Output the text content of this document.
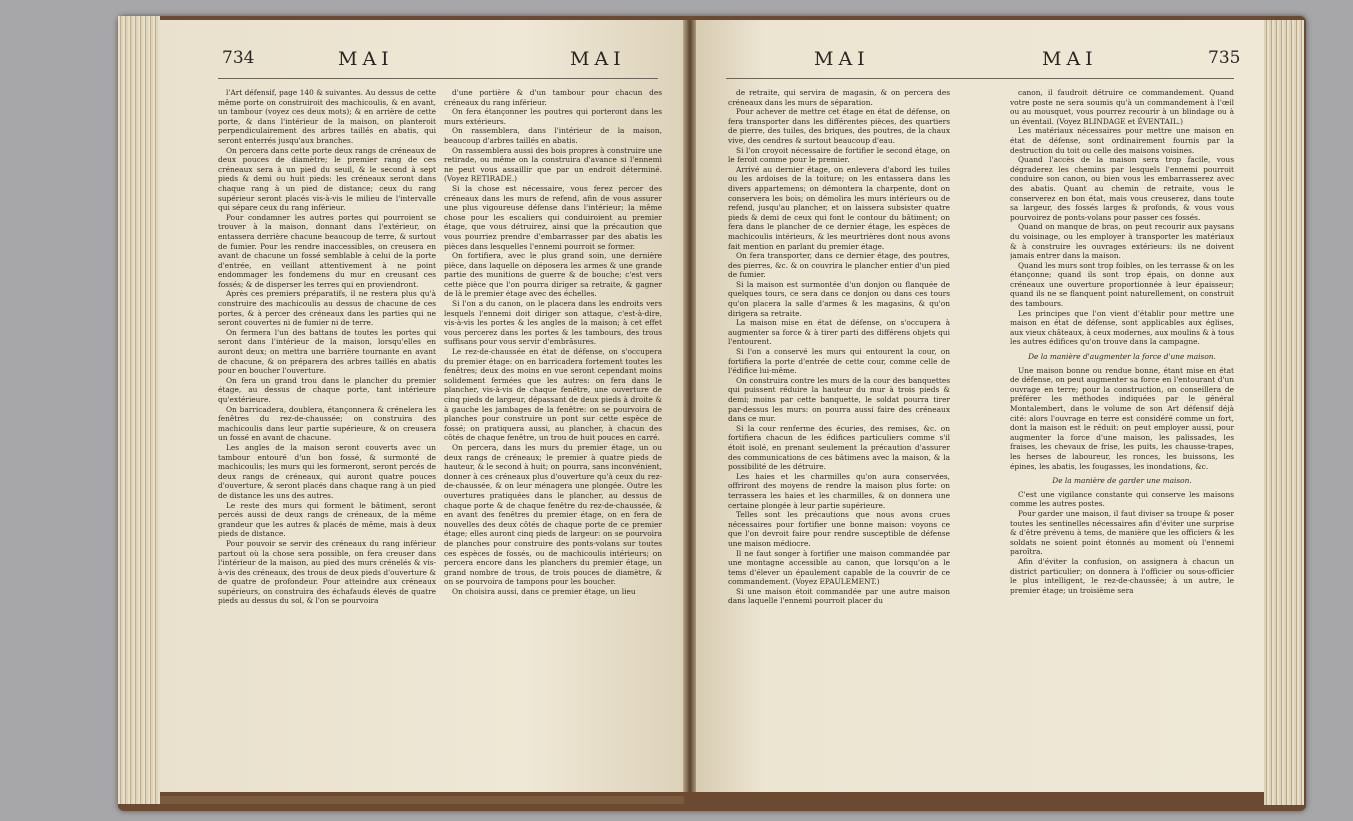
734	MAI	MAI

l'Art défensif, page 140 & suivantes. Au dessus de cette même porte on construiroit des machicoulis, & en avant, un tambour (voyez ces deux mots); & en arrière de cette porte, & dans l'intérieur de la maison, on planteroit perpendiculairement des arbres taillés en abatis, qui seront enterrés jusqu'aux branches.

On percera dans cette porte deux rangs de créneaux de deux pouces de diamètre; le premier rang de ces créneaux sera à un pied du seuil, & le second à sept pieds & demi ou huit pieds: les créneaux seront dans chaque rang à un pied de distance; ceux du rang supérieur seront placés vis-à-vis le milieu de l'intervalle qui sépare ceux du rang inférieur.

Pour condamner les autres portes qui pourroient se trouver à la maison, donnant dans l'extérieur, on entassera derrière chacune beaucoup de terre, & surtout de fumier. Pour les rendre inaccessibles, on creusera en avant de chacune un fossé semblable à celui de la porte d'entrée, en veillant attentivement à ne point endommager les fondemens du mur en creusant ces fossés; & de disperser les terres qui en proviendront.

Après ces premiers préparatifs, il ne restera plus qu'à construire des machicoulis au dessus de chacune de ces portes, & à percer des créneaux dans les parties qui ne seront couvertes ni de fumier ni de terre.

On fermera l'un des battans de toutes les portes qui seront dans l'intérieur de la maison, lorsqu'elles en auront deux; on mettra une barrière tournante en avant de chacune, & on préparera des arbres taillés en abatis pour en boucher l'ouverture.

On fera un grand trou dans le plancher du premier étage, au dessus de chaque porte, tant intérieure qu'extérieure.

On barricadera, doublera, étançonnera & crénelera les fenêtres du rez-de-chaussée; on construira des machicoulis dans leur partie supérieure, & on creusera un fossé en avant de chacune.

Les angles de la maison seront couverts avec un tambour entouré d'un bon fossé, & surmonté de machicoulis; les murs qui les formeront, seront percés de deux rangs de créneaux, qui auront quatre pouces d'ouverture, & seront placés dans chaque rang à un pied de distance les uns des autres.

Le reste des murs qui forment le bâtiment, seront percés aussi de deux rangs de créneaux, de la même grandeur que les autres & placés de même, mais à deux pieds de distance.

Pour pouvoir se servir des créneaux du rang inférieur partout où la chose sera possible, on fera creuser dans l'intérieur de la maison, au pied des murs crénelés & vis-à-vis des créneaux, des trous de deux pieds d'ouverture & de quatre de profondeur. Pour atteindre aux créneaux supérieurs, on construira des échafauds élevés de quatre pieds au dessus du sol, & l'on se pourvoira

d'une portière & d'un tambour pour chacun des créneaux du rang inférieur.

On fera étançonner les poutres qui porteront dans les murs extérieurs.

On rassemblera, dans l'intérieur de la maison, beaucoup d'arbres taillés en abatis.

On rassemblera aussi des bois propres à construire une retirade, ou même on la construira d'avance si l'ennemi ne peut vous assaillir que par un endroit déterminé. (Voyez RETIRADE.)

Si la chose est nécessaire, vous ferez percer des créneaux dans les murs de refend, afin de vous assurer une plus vigoureuse défense dans l'intérieur; la même chose pour les escaliers qui conduiroient au premier étage, que vous détruirez, ainsi que la précaution que vous pourriez prendre d'embarrasser par des abatis les pièces dans lesquelles l'ennemi pourroit se former.

On fortifiera, avec le plus grand soin, une dernière pièce, dans laquelle on déposera les armes & une grande partie des munitions de guerre & de bouche; c'est vers cette pièce que l'on pourra diriger sa retraite, & gagner de là le premier étage avec des échelles.

Si l'on a du canon, on le placera dans les endroits vers lesquels l'ennemi doit diriger son attaque, c'est-à-dire, vis-à-vis les portes & les angles de la maison; à cet effet vous percerez dans les portes & les tambours, des trous suffisans pour vous servir d'embrâsures.

Le rez-de-chaussée en état de défense, on s'occupera du premier étage: on en barricadera fortement toutes les fenêtres; deux des moins en vue seront cependant moins solidement fermées que les autres: on fera dans le plancher, vis-à-vis de chaque fenêtre, une ouverture de cinq pieds de largeur, dépassant de deux pieds à droite & à gauche les jambages de la fenêtre: on se pourvoira de planches pour construire un pont sur cette espèce de fossé; on pratiquera aussi, au plancher, à chacun des côtés de chaque fenêtre, un trou de huit pouces en carré.

On percera, dans les murs du premier étage, un ou deux rangs de créneaux; le premier à quatre pieds de hauteur, & le second à huit; on pourra, sans inconvénient, donner à ces créneaux plus d'ouverture qu'à ceux du rez-de-chaussée, & on leur ménagera une plongée. Outre les ouvertures pratiquées dans le plancher, au dessus de chaque porte & de chaque fenêtre du rez-de-chaussée, & en avant des fenêtres du premier étage, on en fera de nouvelles des deux côtés de chaque porte de ce premier étage; elles auront cinq pieds de largeur: on se pourvoira de planches pour construire des ponts-volans sur toutes ces espèces de fossés, ou de machicoulis intérieurs; on percera encore dans les planchers du premier étage, un grand nombre de trous, de trois pouces de diamètre, & on se pourvoira de tampons pour les boucher.

On choisira aussi, dans ce premier étage, un lieu

MAI	MAI	735

de retraite, qui servira de magasin, & on percera des créneaux dans les murs de séparation.

Pour achever de mettre cet étage en état de défense, on fera transporter dans les différentes pièces, des quartiers de pierre, des tuiles, des briques, des poutres, de la chaux vive, des cendres & surtout beaucoup d'eau.

Si l'on croyoit nécessaire de fortifier le second étage, on le feroit comme pour le premier.

Arrivé au dernier étage, on enlevera d'abord les tuiles ou les ardoises de la toiture; on les entassera dans les divers appartemens; on démontera la charpente, dont on conservera les bois; on démolira les murs intérieurs ou de refend, jusqu'au plancher, et on laissera subsister quatre pieds & demi de ceux qui font le contour du bâtiment; on fera dans le plancher de ce dernier étage, les espèces de machicoulis intérieurs, & les meurtrières dont nous avons fait mention en parlant du premier étage.

On fera transporter, dans ce dernier étage, des poutres, des pierres, &c. & on couvrira le plancher entier d'un pied de fumier.

Si la maison est surmontée d'un donjon ou flanquée de quelques tours, ce sera dans ce donjon ou dans ces tours qu'on placera la salle d'armes & les magasins, & qu'on dirigera sa retraite.

La maison mise en état de défense, on s'occupera à augmenter sa force & à tirer parti des différens objets qui l'entourent.

Si l'on a conservé les murs qui entourent la cour, on fortifiera la porte d'entrée de cette cour, comme celle de l'édifice lui-même.

On construira contre les murs de la cour des banquettes qui puissent réduire la hauteur du mur à trois pieds & demi; moins par cette banquette, le soldat pourra tirer par-dessus les murs: on pourra aussi faire des créneaux dans ce mur.

Si la cour renferme des écuries, des remises, &c. on fortifiera chacun de les édifices particuliers comme s'il étoit isolé, en prenant seulement la précaution d'assurer des communications de ces bâtimens avec la maison, & la possibilité de les détruire.

Les haies et les charmilles qu'on aura conservées, offriront des moyens de rendre la maison plus forte: on terrassera les haies et les charmilles, & on donnera une certaine plongée à leur partie supérieure.

Telles sont les précautions que nous avons crues nécessaires pour fortifier une bonne maison: voyons ce que l'on devroit faire pour rendre susceptible de défense une maison médiocre.

Il ne faut songer à fortifier une maison commandée par une montagne accessible au canon, que lorsqu'on a le tems d'élever un épaulement capable de la couvrir de ce commandement. (Voyez EPAULEMENT.)

Si une maison étoit commandée par une autre maison dans laquelle l'ennemi pourroit placer du

canon, il faudroit détruire ce commandement. Quand votre poste ne sera soumis qu'à un commandement à l'œil ou au mousquet, vous pourrez recourir à un blindage ou à un éventail. (Voyez BLINDAGE et ÉVENTAIL.)

Les matériaux nécessaires pour mettre une maison en état de défense, sont ordinairement fournis par la destruction du toit ou celle des maisons voisines.

Quand l'accès de la maison sera trop facile, vous dégraderez les chemins par lesquels l'ennemi pourroit conduire son canon, ou bien vous les embarrasserez avec des abatis. Quant au chemin de retraite, vous le conserverez en bon état, mais vous creuserez, dans toute sa largeur, des fossés larges & profonds, & vous vous pourvoirez de ponts-volans pour passer ces fossés.

Quand on manque de bras, on peut recourir aux paysans du voisinage, ou les employer à transporter les matériaux & à construire les ouvrages extérieurs: ils ne doivent jamais entrer dans la maison.

Quand les murs sont trop foibles, on les terrasse & on les étançonne; quand ils sont trop épais, on donne aux créneaux une ouverture proportionnée à leur épaisseur; quand ils ne se flanquent point naturellement, on construit des tambours.

Les principes que l'on vient d'établir pour mettre une maison en état de défense, sont applicables aux églises, aux vieux châteaux, à ceux modernes, aux moulins & à tous les autres édifices qu'on trouve dans la campagne.

De la manière d'augmenter la force d'une maison.

Une maison bonne ou rendue bonne, étant mise en état de défense, on peut augmenter sa force en l'entourant d'un ouvrage en terre; pour la construction, on conseillera de préférer les méthodes indiquées par le général Montalembert, dans le volume de son Art défensif déjà cité: alors l'ouvrage en terre est considéré comme un fort, dont la maison est le réduit: on peut employer aussi, pour augmenter la force d'une maison, les palissades, les fraises, les chevaux de frise, les puits, les chausse-trapes, les herses de laboureur, les ronces, les buissons, les épines, les abatis, les fougasses, les inondations, &c.

De la manière de garder une maison.

C'est une vigilance constante qui conserve les maisons comme les autres postes.

Pour garder une maison, il faut diviser sa troupe & poser toutes les sentinelles nécessaires afin d'éviter une surprise & d'être prévenu à tems, de manière que les officiers & les soldats ne soient point étonnés au moment où l'ennemi paroîtra.

Afin d'éviter la confusion, on assignera à chacun un district particulier; on donnera à l'officier ou sous-officier le plus intelligent, le rez-de-chaussée; à un autre, le premier étage; un troisième sera
